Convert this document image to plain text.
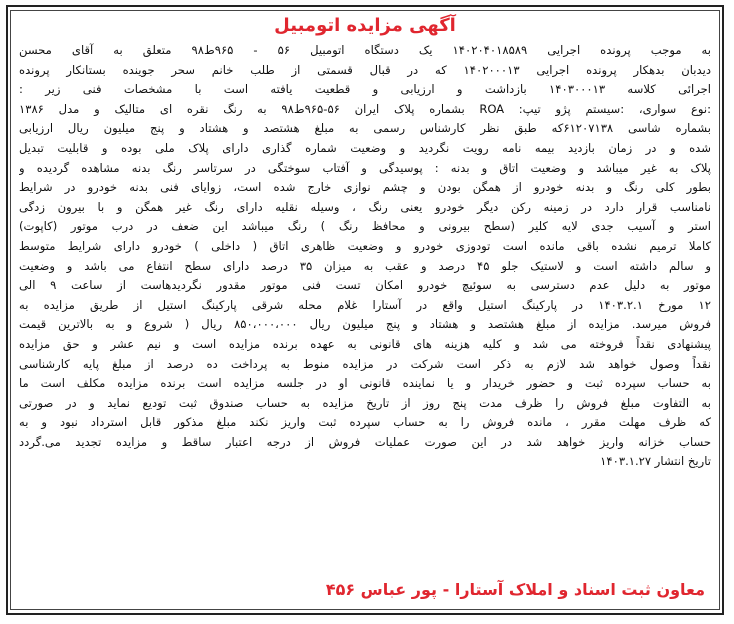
آگهی مزایده اتومبیل

به موجب پرونده اجرایی ۱۴۰۲۰۴۰۱۸۵۸۹ یک دستگاه اتومبیل ۵۶ - ۹۶۵ط۹۸ متعلق به آقای محسن
دیدبان بدهکار پرونده اجرایی ۱۴۰۲۰۰۰۱۳ که در قبال قسمتی از طلب خانم سحر جوینده بستانکار پرونده
اجرائی کلاسه ۱۴۰۳۰۰۰۱۳ بازداشت و ارزیابی و قطعیت یافته است با مشخصات فنی زیر :
:نوع سواری، :سیستم پژو تیپ: ROA بشماره پلاک ایران ۵۶-۹۶۵ط۹۸ به رنگ نقره ای متالیک و مدل ۱۳۸۶
بشماره شاسی ۶۱۲۰۷۱۳۸که طبق نظر کارشناس رسمی به مبلغ هشتصد و هشتاد و پنج میلیون ریال ارزیابی
شده و در زمان بازدید بیمه نامه رویت نگردید و وضعیت شماره گذاری دارای پلاک ملی بوده و قابلیت تبدیل
پلاک به غیر میباشد و وضعیت اتاق و بدنه : پوسیدگی و آفتاب سوختگی در سرتاسر رنگ بدنه مشاهده گردیده و
بطور کلی رنگ و بدنه خودرو از همگن بودن و چشم نوازی خارج شده است، زوایای فنی بدنه خودرو در شرایط
نامناسب قرار دارد در زمینه رکن دیگر خودرو یعنی رنگ ، وسیله نقلیه دارای رنگ غیر همگن و با بیرون زدگی
استر و آسیب جدی لایه کلیر (سطح بیرونی و محافظ رنگ ) رنگ میباشد این ضعف در درب موتور (کاپوت)
کاملا ترمیم نشده باقی مانده است تودوزی خودرو و وضعیت ظاهری اتاق ( داخلی ) خودرو دارای شرایط متوسط
و سالم داشته است و لاستیک جلو ۴۵ درصد و عقب به میزان ۳۵ درصد دارای سطح انتفاع می باشد و وضعیت
موتور به دلیل عدم دسترسی به سوئیچ خودرو امکان تست فنی موتور مقدور نگردیدهاست از ساعت ۹ الی
۱۲ مورخ ۱۴۰۳.۲.۱ در پارکینگ استیل واقع در آستارا غلام محله شرقی پارکینگ استیل از طریق مزایده به
فروش میرسد. مزایده از مبلغ هشتصد و هشتاد و پنج میلیون ریال ۸۵۰،۰۰۰،۰۰۰ ریال ( شروع و به بالاترین قیمت
پیشنهادی نقداً فروخته می شد و کلیه هزینه های قانونی به عهده برنده مزایده است و نیم عشر و حق مزایده
نقداً وصول خواهد شد لازم به ذکر است شرکت در مزایده منوط به پرداخت ده درصد از مبلغ پایه کارشناسی
به حساب سپرده ثبت و حضور خریدار و یا نماینده قانونی او در جلسه مزایده است برنده مزایده مکلف است ما
به التفاوت مبلغ فروش را ظرف مدت پنج روز از تاریخ مزایده به حساب صندوق ثبت تودیع نماید و در صورتی
که ظرف مهلت مقرر ، مانده فروش را به حساب سپرده ثبت واریز نکند مبلغ مذکور قابل استرداد نبود و به
حساب خزانه واریز خواهد شد در این صورت عملیات فروش از درجه اعتبار ساقط و مزایده تجدید می.گردد
تاریخ انتشار ۱۴۰۳.۱.۲۷

معاون ثبت اسناد و املاک آستارا - پور عباس ۴۵۶
